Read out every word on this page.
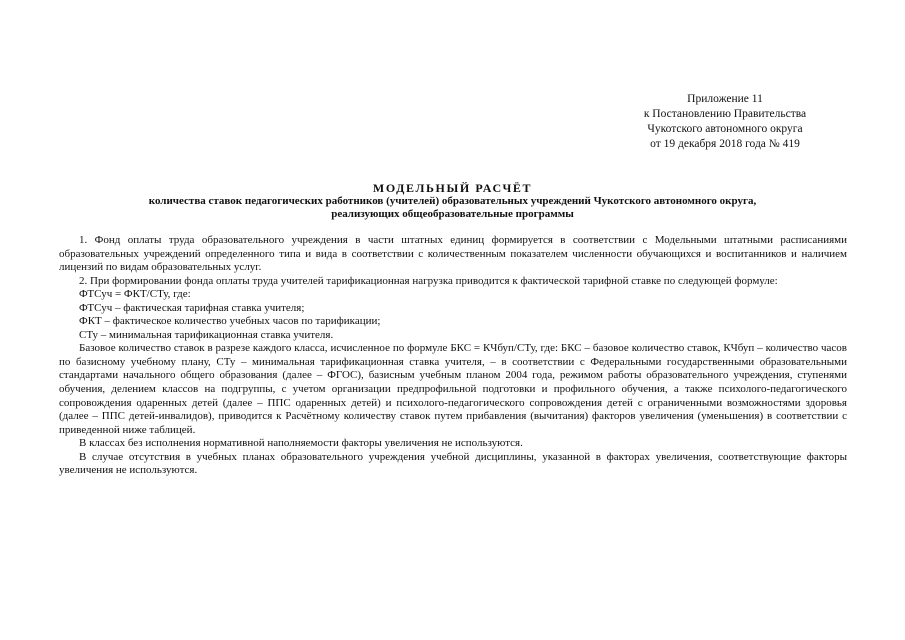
Приложение 11
к Постановлению Правительства
Чукотского автономного округа
от 19 декабря 2018 года № 419
МОДЕЛЬНЫЙ РАСЧЁТ
количества ставок педагогических работников (учителей) образовательных учреждений Чукотского автономного округа,
реализующих общеобразовательные программы

1. Фонд оплаты труда образовательного учреждения в части штатных единиц формируется в соответствии с Модельными штатными расписаниями образовательных учреждений определенного типа и вида в соответствии с количественным показателем численности обучающихся и воспитанников и наличием лицензий по видам образовательных услуг.

2. При формировании фонда оплаты труда учителей тарификационная нагрузка приводится к фактической тарифной ставке по следующей формуле:

ФТСуч = ФКТ/СТу, где:

ФТСуч – фактическая тарифная ставка учителя;

ФКТ – фактическое количество учебных часов по тарификации;

СТу – минимальная тарификационная ставка учителя.

Базовое количество ставок в разрезе каждого класса, исчисленное по формуле БКС = КЧбуп/СТу, где: БКС – базовое количество ставок, КЧбуп – количество часов по базисному учебному плану, СТу – минимальная тарификационная ставка учителя, – в соответствии с Федеральными государственными образовательными стандартами начального общего образования (далее – ФГОС), базисным учебным планом 2004 года, режимом работы образовательного учреждения, ступенями обучения, делением классов на подгруппы, с учетом организации предпрофильной подготовки и профильного обучения, а также психолого-педагогического сопровождения одаренных детей (далее – ППС одаренных детей) и психолого-педагогического сопровождения детей с ограниченными возможностями здоровья (далее – ППС детей-инвалидов), приводится к Расчётному количеству ставок путем прибавления (вычитания) факторов увеличения (уменьшения) в соответствии с приведенной ниже таблицей.

В классах без исполнения нормативной наполняемости факторы увеличения не используются.

В случае отсутствия в учебных планах образовательного учреждения учебной дисциплины, указанной в факторах увеличения, соответствующие факторы увеличения не используются.
